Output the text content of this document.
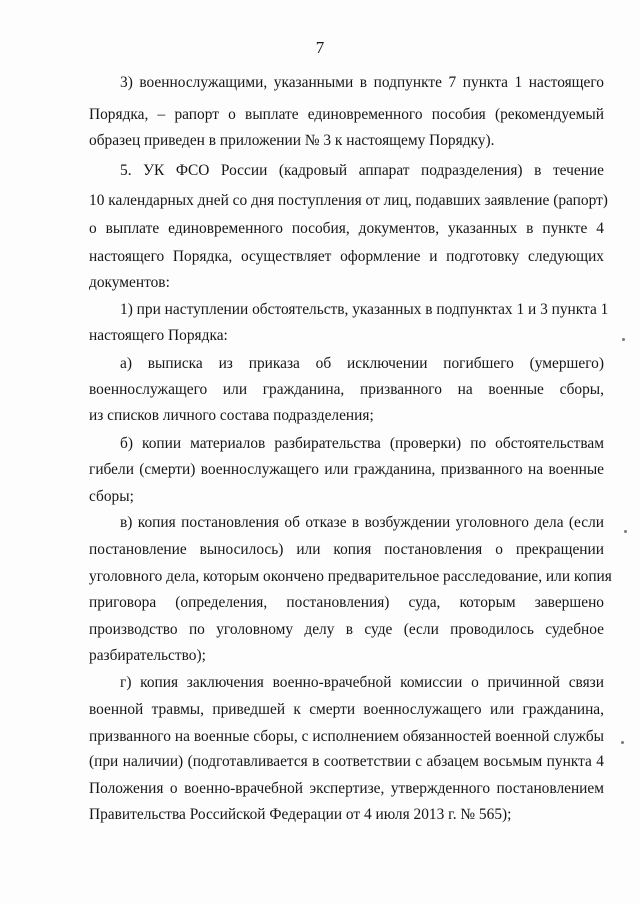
7
3) военнослужащими, указанными в подпункте 7 пункта 1 настоящего
Порядка, – рапорт о выплате единовременного пособия (рекомендуемый
образец приведен в приложении № 3 к настоящему Порядку).
5. УК ФСО России (кадровый аппарат подразделения) в течение
10 календарных дней со дня поступления от лиц, подавших заявление (рапорт)
о выплате единовременного пособия, документов, указанных в пункте 4
настоящего Порядка, осуществляет оформление и подготовку следующих
документов:
1) при наступлении обстоятельств, указанных в подпунктах 1 и 3 пункта 1
настоящего Порядка:
а) выписка из приказа об исключении погибшего (умершего)
военнослужащего или гражданина, призванного на военные сборы,
из списков личного состава подразделения;
б) копии материалов разбирательства (проверки) по обстоятельствам
гибели (смерти) военнослужащего или гражданина, призванного на военные
сборы;
в) копия постановления об отказе в возбуждении уголовного дела (если
постановление выносилось) или копия постановления о прекращении
уголовного дела, которым окончено предварительное расследование, или копия
приговора (определения, постановления) суда, которым завершено
производство по уголовному делу в суде (если проводилось судебное
разбирательство);
г) копия заключения военно-врачебной комиссии о причинной связи
военной травмы, приведшей к смерти военнослужащего или гражданина,
призванного на военные сборы, с исполнением обязанностей военной службы
(при наличии) (подготавливается в соответствии с абзацем восьмым пункта 4
Положения о военно-врачебной экспертизе, утвержденного постановлением
Правительства Российской Федерации от 4 июля 2013 г. № 565);
